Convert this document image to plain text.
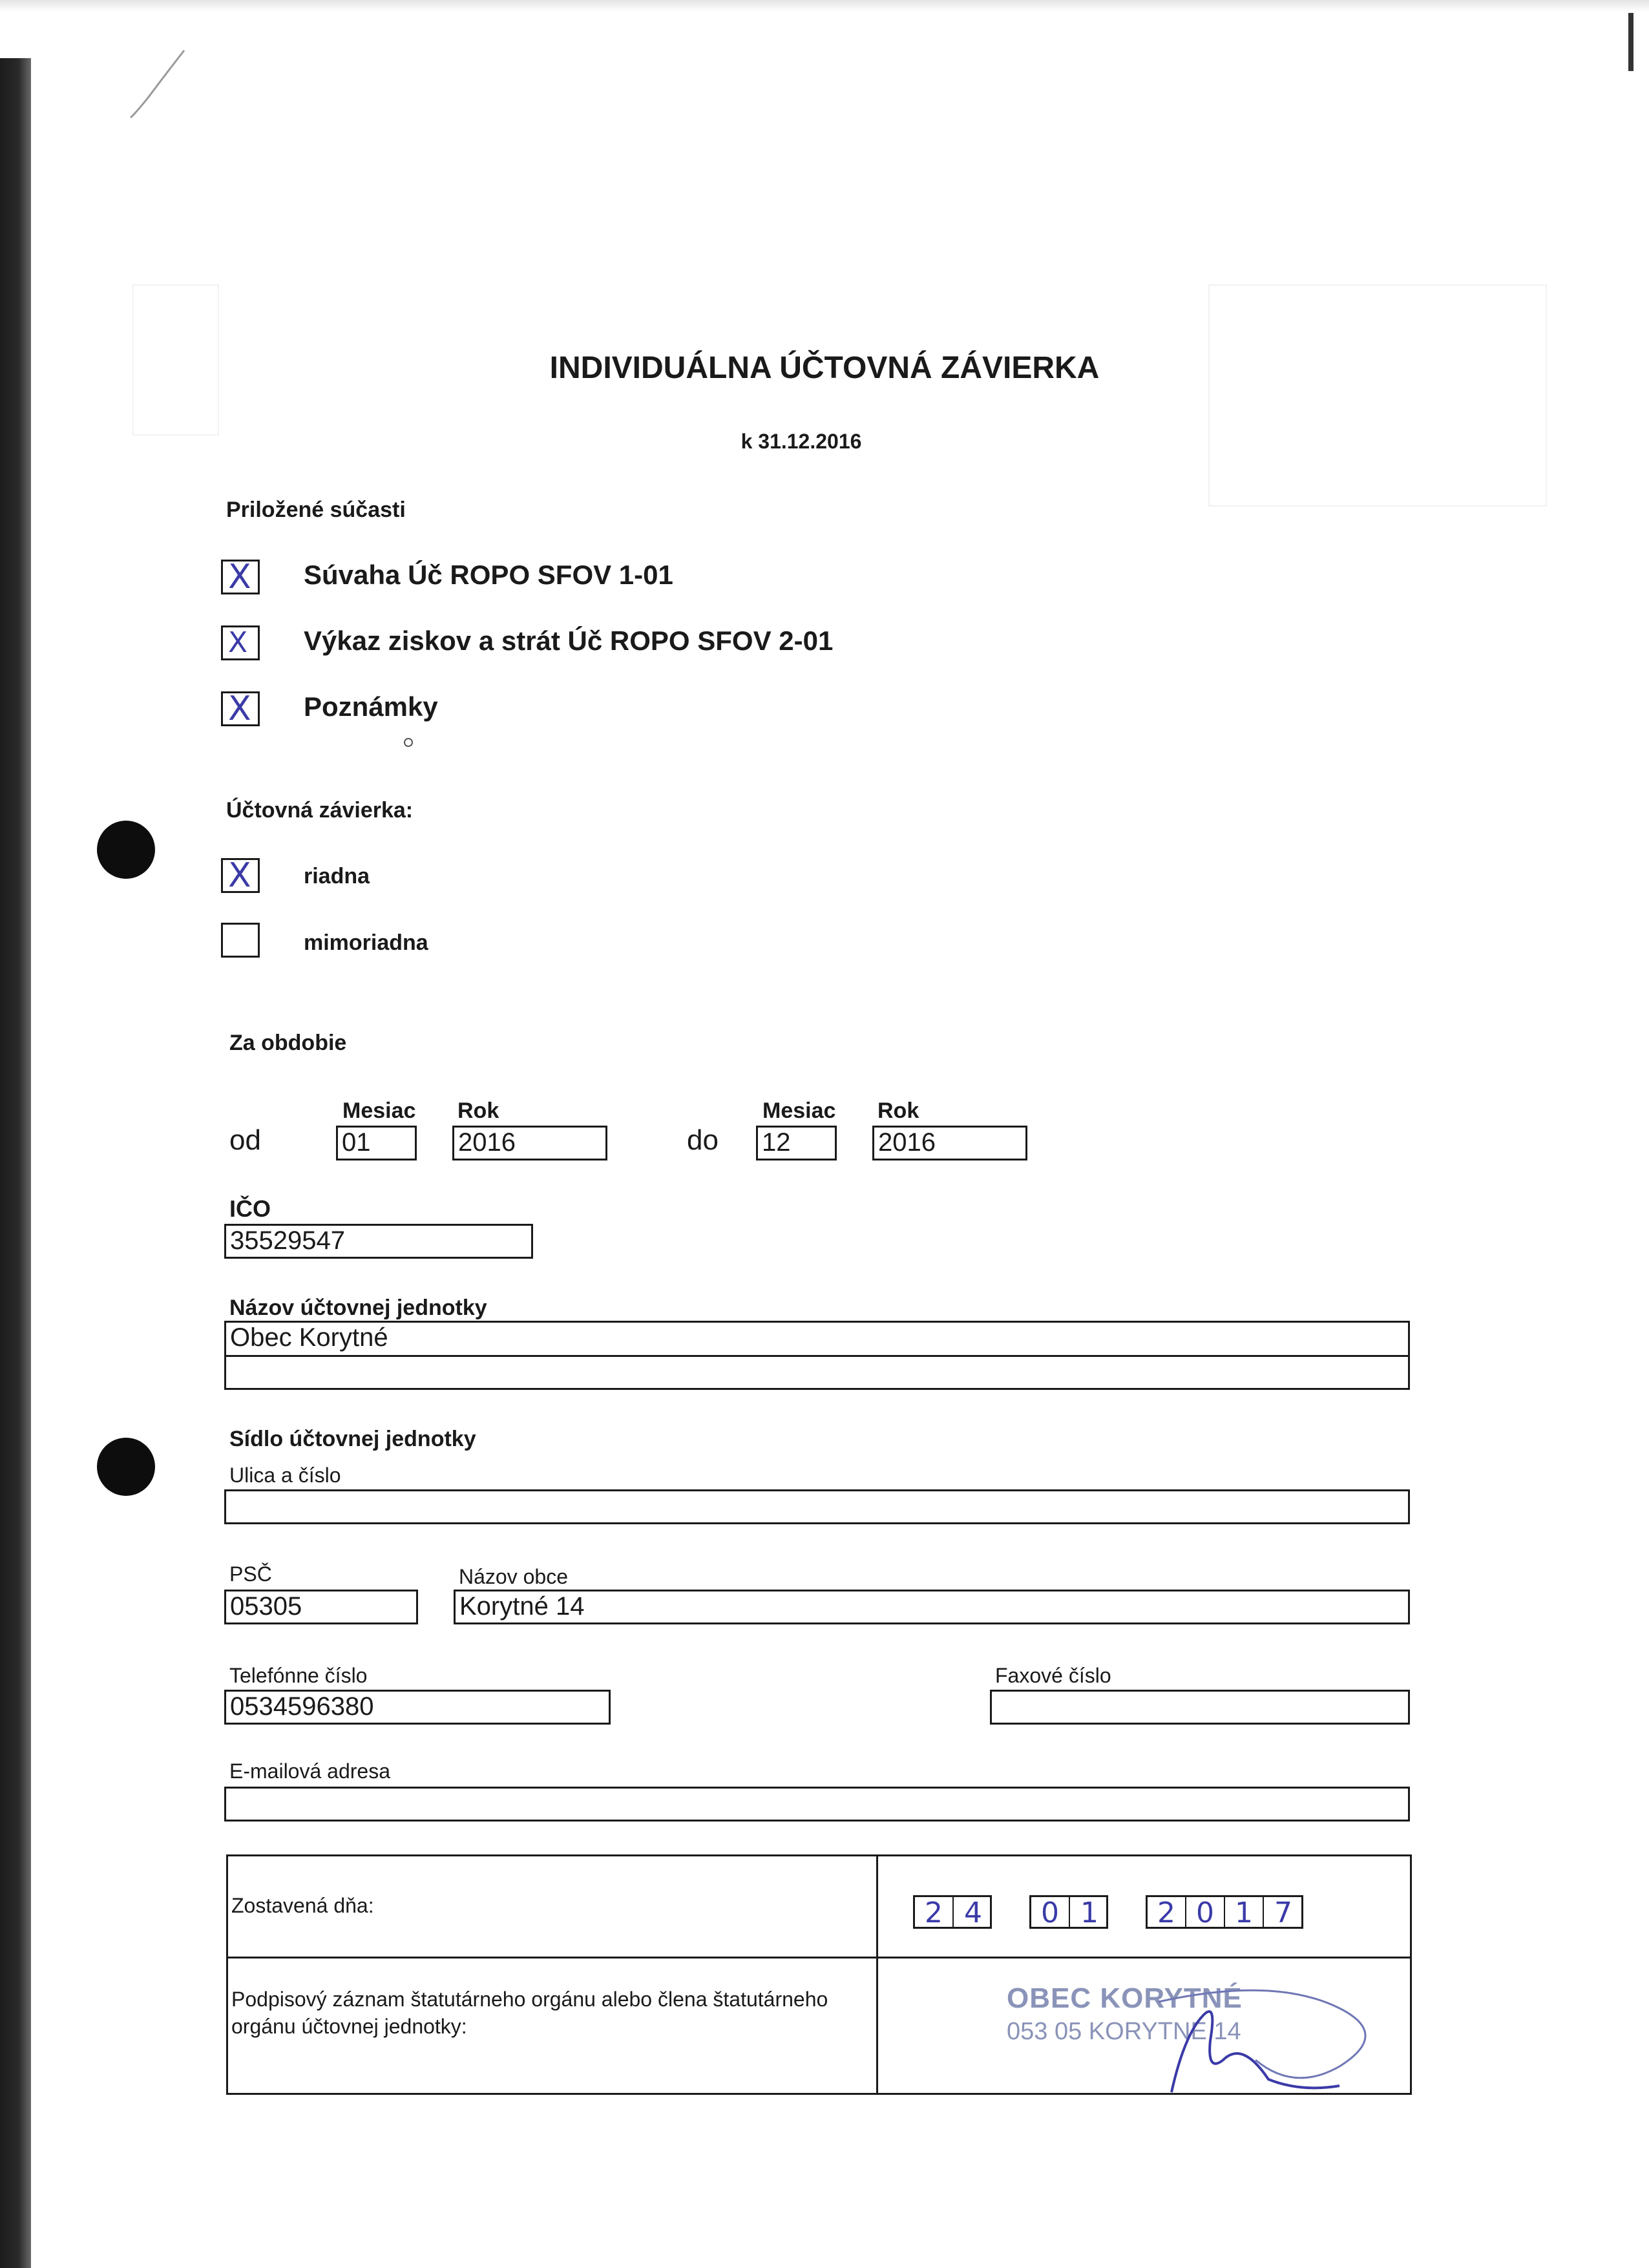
INDIVIDUÁLNA ÚČTOVNÁ ZÁVIERKA
k 31.12.2016
Priložené súčasti
X Súvaha Úč ROPO SFOV 1-01
X Výkaz ziskov a strát Úč ROPO SFOV 2-01
X Poznámky
Účtovná závierka:
X riadna
mimoriadna
Za obdobie
Mesiac Rok
od	01	2016
Mesiac Rok
do 12	2016
IČO
35529547
Názov účtovnej jednotky
Obec Korytné
Sídlo účtovnej jednotky
Ulica a číslo
PSČ
05305
Názov obce
Korytné 14
Telefónne číslo
0534596380
Faxové číslo
E-mailová adresa
Zostavená dňa:	2 4	0 1	2 0 1 7
Podpisový záznam štatutárneho orgánu alebo člena štatutárneho orgánu účtovnej jednotky:
OBEC KORYTNÉ
053 05 KORYTNÉ 14
